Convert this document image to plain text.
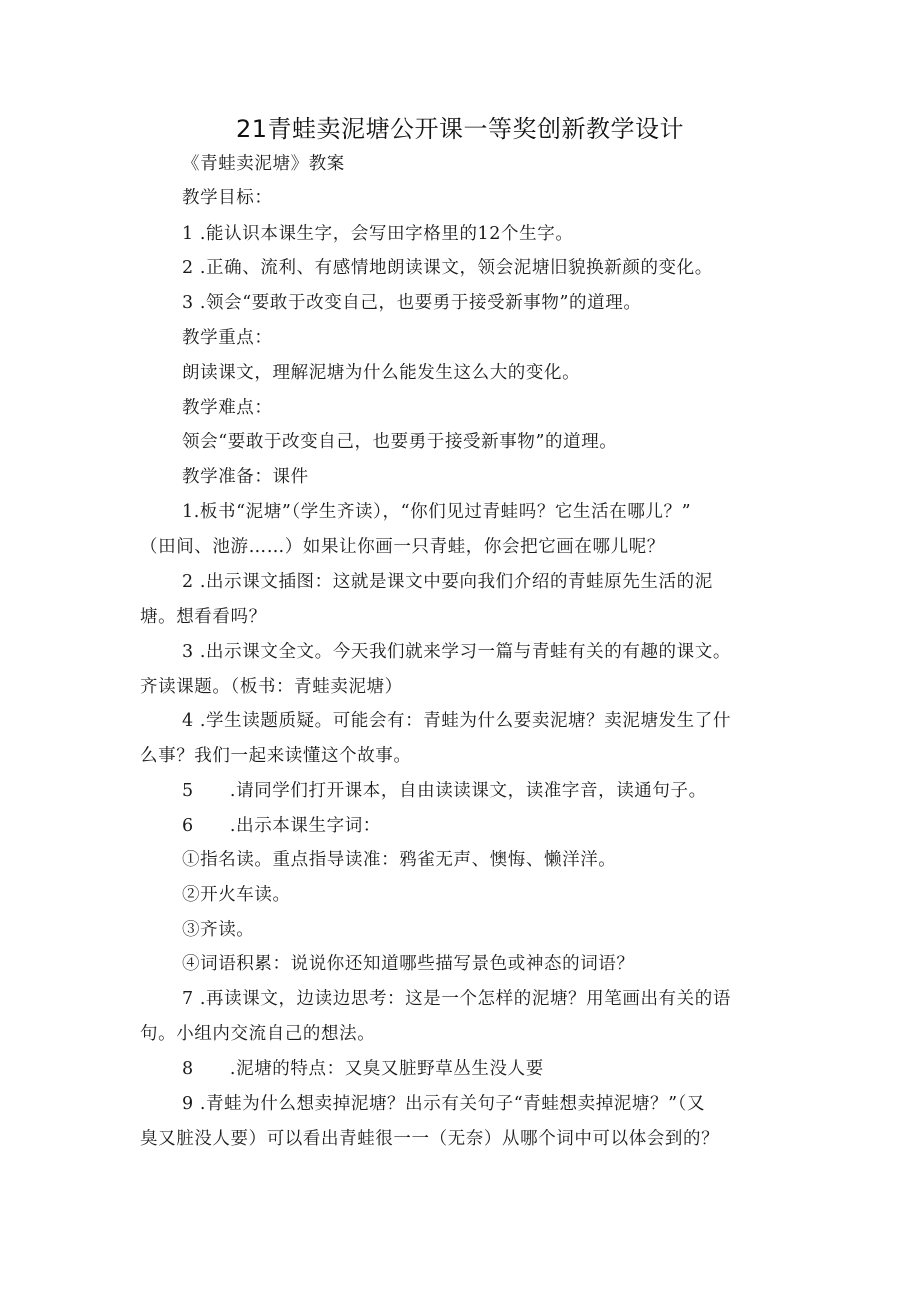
21青蛙卖泥塘公开课一等奖创新教学设计
《青蛙卖泥塘》教案
教学目标：
1 .能认识本课生字，会写田字格里的12个生字。
2 .正确、流利、有感情地朗读课文，领会泥塘旧貌换新颜的变化。
3 .领会“要敢于改变自己，也要勇于接受新事物”的道理。
教学重点：
朗读课文，理解泥塘为什么能发生这么大的变化。
教学难点：
领会“要敢于改变自己，也要勇于接受新事物”的道理。
教学准备：课件
1.板书“泥塘”（学生齐读），“你们见过青蛙吗？它生活在哪儿？”
（田间、池游……）如果让你画一只青蛙，你会把它画在哪儿呢？
2 .出示课文插图：这就是课文中要向我们介绍的青蛙原先生活的泥
塘。想看看吗？
3 .出示课文全文。今天我们就来学习一篇与青蛙有关的有趣的课文。
齐读课题。（板书：青蛙卖泥塘）
4 .学生读题质疑。可能会有：青蛙为什么要卖泥塘？卖泥塘发生了什
么事？我们一起来读懂这个故事。
5　　.请同学们打开课本，自由读读课文，读准字音，读通句子。
6　　.出示本课生字词：
①指名读。重点指导读准：鸦雀无声、懊悔、懒洋洋。
②开火车读。
③齐读。
④词语积累：说说你还知道哪些描写景色或神态的词语？
7 .再读课文，边读边思考：这是一个怎样的泥塘？用笔画出有关的语
句。小组内交流自己的想法。
8　　.泥塘的特点：又臭又脏野草丛生没人要
9 .青蛙为什么想卖掉泥塘？出示有关句子“青蛙想卖掉泥塘？”（又
臭又脏没人要）可以看出青蛙很一一（无奈）从哪个词中可以体会到的？
